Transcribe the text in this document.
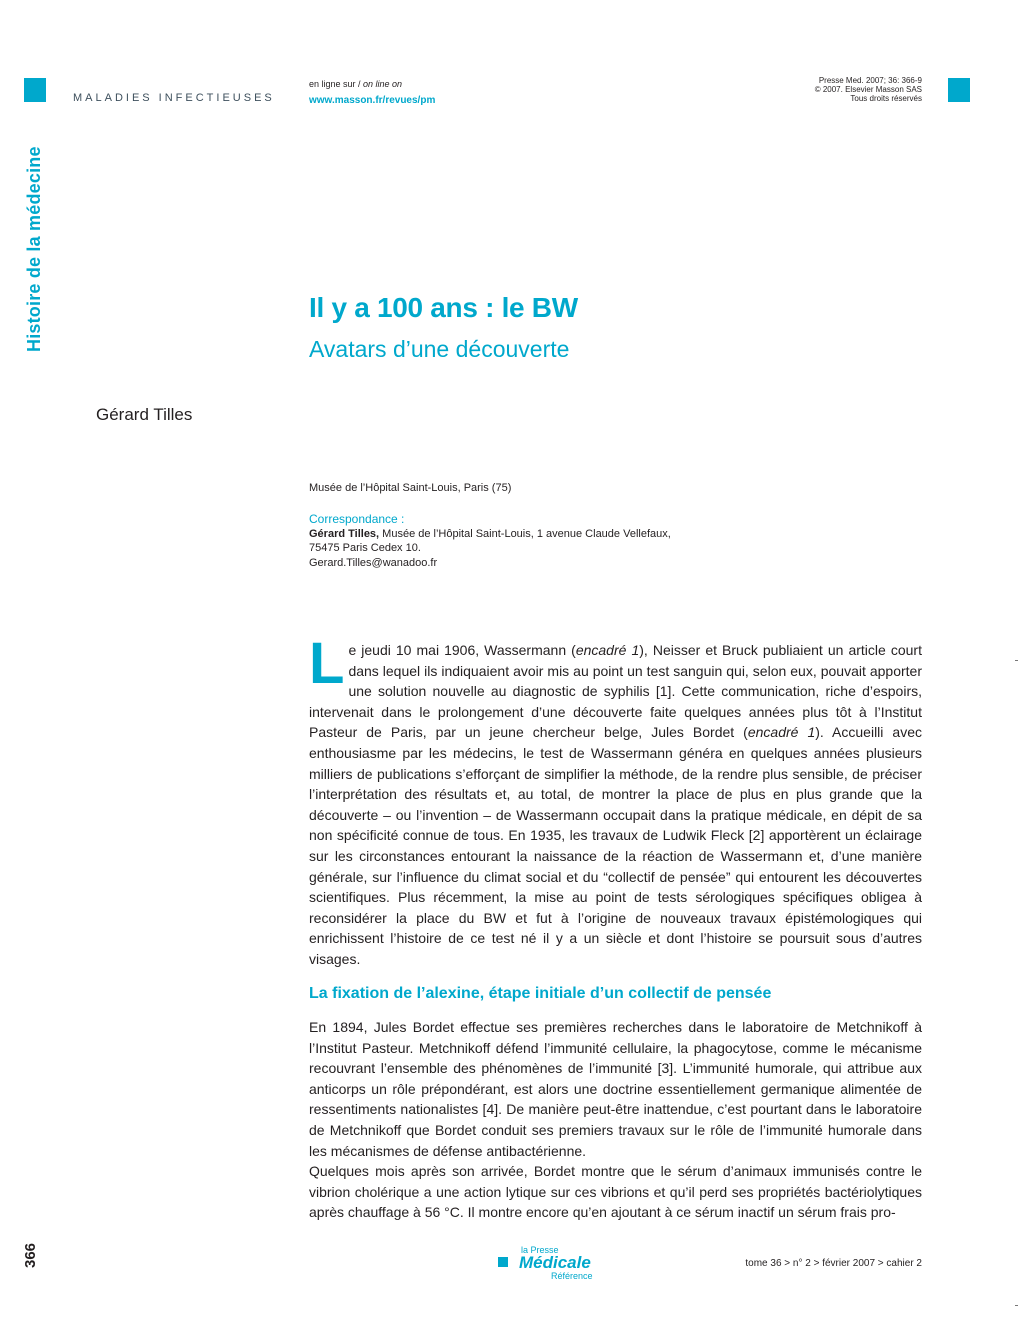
MALADIES INFECTIEUSES
en ligne sur / on line on
www.masson.fr/revues/pm
Presse Med. 2007; 36: 366-9
© 2007. Elsevier Masson SAS
Tous droits réservés
Histoire de la médecine	Il y a 100 ans : le BW
Avatars d’une découverte
Gérard Tilles
Musée de l’Hôpital Saint-Louis, Paris (75)
Correspondance :
Gérard Tilles, Musée de l’Hôpital Saint-Louis, 1 avenue Claude Vellefaux,
75475 Paris Cedex 10.
Gerard.Tilles@wanadoo.fr

Le jeudi 10 mai 1906, Wassermann (encadré 1), Neisser et Bruck publiaient un article court dans lequel ils indiquaient avoir mis au point un test sanguin qui, selon eux, pouvait apporter une solution nouvelle au diagnostic de syphilis [1]. Cette communication, riche d’espoirs, intervenait dans le prolongement d’une découverte faite quelques années plus tôt à l’Institut Pasteur de Paris, par un jeune chercheur belge, Jules Bordet (encadré 1). Accueilli avec enthousiasme par les médecins, le test de Wassermann généra en quelques années plusieurs milliers de publications s’efforçant de simplifier la méthode, de la rendre plus sensible, de préciser l’interprétation des résultats et, au total, de montrer la place de plus en plus grande que la découverte – ou l’invention – de Wassermann occupait dans la pratique médicale, en dépit de sa non spécificité connue de tous. En 1935, les travaux de Ludwik Fleck [2] apportèrent un éclairage sur les circonstances entourant la naissance de la réaction de Wassermann et, d’une manière générale, sur l’influence du climat social et du “collectif de pensée” qui entourent les découvertes scientifiques. Plus récemment, la mise au point de tests sérologiques spécifiques obligea à reconsidérer la place du BW et fut à l’origine de nouveaux travaux épistémologiques qui enrichissent l’histoire de ce test né il y a un siècle et dont l’histoire se poursuit sous d’autres visages.

La fixation de l’alexine, étape initiale d’un collectif de pensée

En 1894, Jules Bordet effectue ses premières recherches dans le laboratoire de Metchnikoff à l’Institut Pasteur. Metchnikoff défend l’immunité cellulaire, la phagocytose, comme le mécanisme recouvrant l’ensemble des phénomènes de l’immunité [3]. L’immunité humorale, qui attribue aux anticorps un rôle prépondérant, est alors une doctrine essentiellement germanique alimentée de ressentiments nationalistes [4]. De manière peut-être inattendue, c’est pourtant dans le laboratoire de Metchnikoff que Bordet conduit ses premiers travaux sur le rôle de l’immunité humorale dans les mécanismes de défense antibactérienne.

Quelques mois après son arrivée, Bordet montre que le sérum d’animaux immunisés contre le vibrion cholérique a une action lytique sur ces vibrions et qu’il perd ses propriétés bactériolytiques après chauffage à 56 °C. Il montre encore qu’en ajoutant à ce sérum inactif un sérum frais pro-

366	la Presse
Médicale
Référence
tome 36 > n° 2 > février 2007 > cahier 2
